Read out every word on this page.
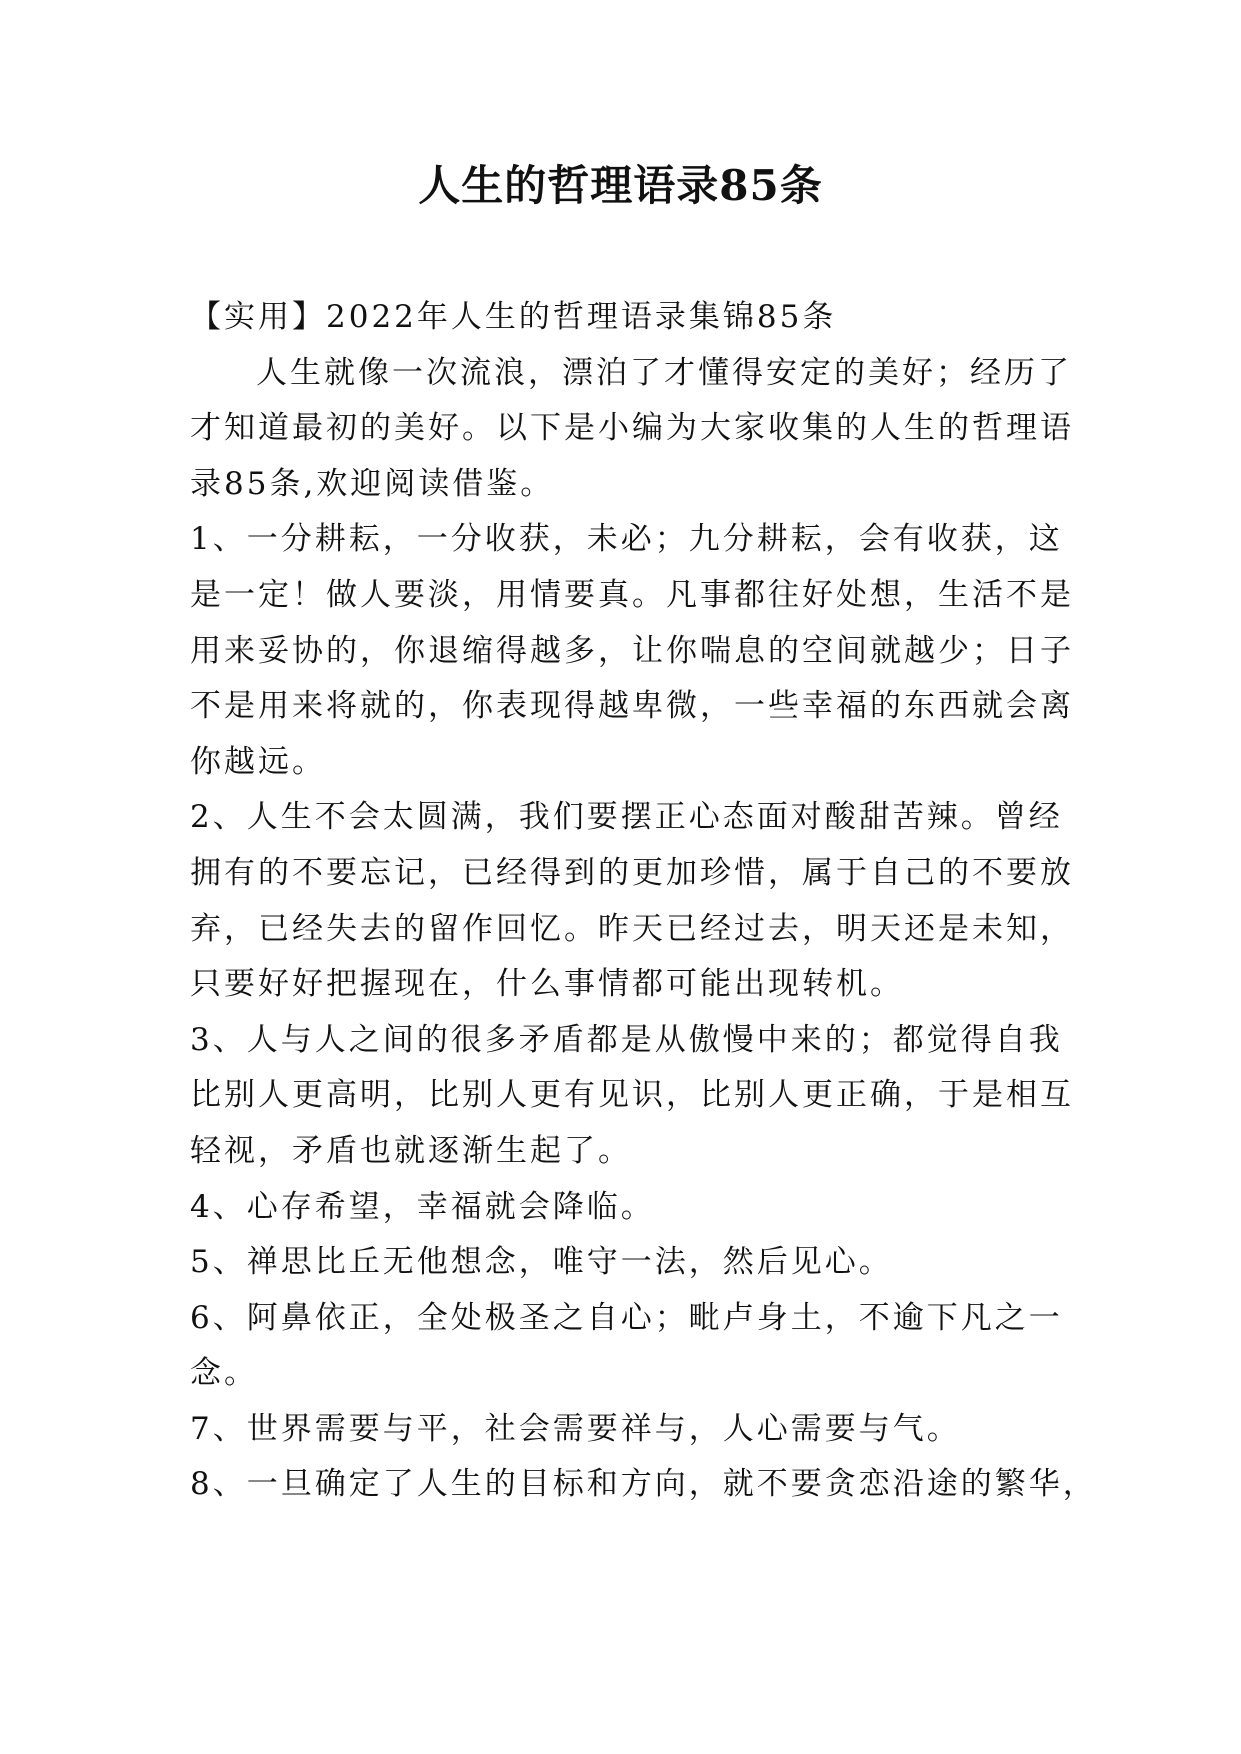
人生的哲理语录85条
【实用】2022年人生的哲理语录集锦85条
人生就像一次流浪，漂泊了才懂得安定的美好；经历了
才知道最初的美好。以下是小编为大家收集的人生的哲理语
录85条,欢迎阅读借鉴。
1、一分耕耘，一分收获，未必；九分耕耘，会有收获，这
是一定！做人要淡，用情要真。凡事都往好处想，生活不是
用来妥协的，你退缩得越多，让你喘息的空间就越少；日子
不是用来将就的，你表现得越卑微，一些幸福的东西就会离
你越远。
2、人生不会太圆满，我们要摆正心态面对酸甜苦辣。曾经
拥有的不要忘记，已经得到的更加珍惜，属于自己的不要放
弃，已经失去的留作回忆。昨天已经过去，明天还是未知，
只要好好把握现在，什么事情都可能出现转机。
3、人与人之间的很多矛盾都是从傲慢中来的；都觉得自我
比别人更高明，比别人更有见识，比别人更正确，于是相互
轻视，矛盾也就逐渐生起了。
4、心存希望，幸福就会降临。
5、禅思比丘无他想念，唯守一法，然后见心。
6、阿鼻依正，全处极圣之自心；毗卢身土，不逾下凡之一
念。
7、世界需要与平，社会需要祥与，人心需要与气。
8、一旦确定了人生的目标和方向，就不要贪恋沿途的繁华，
